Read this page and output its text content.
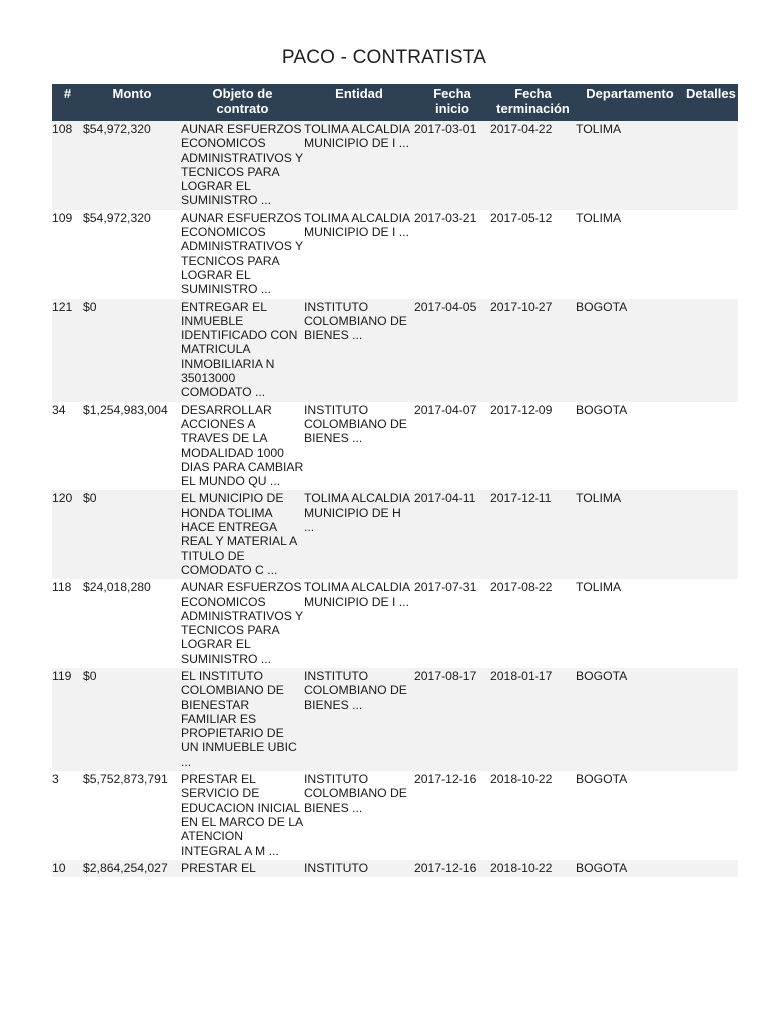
PACO - CONTRATISTA
#	Monto	Objeto de contrato	Entidad	Fecha inicio	Fecha terminación	Departamento	Detalles
108	$54,972,320	AUNAR ESFUERZOS ECONOMICOS ADMINISTRATIVOS Y TECNICOS PARA LOGRAR EL SUMINISTRO ...	TOLIMA ALCALDIA MUNICIPIO DE I ...	2017-03-01	2017-04-22	TOLIMA	
109	$54,972,320	AUNAR ESFUERZOS ECONOMICOS ADMINISTRATIVOS Y TECNICOS PARA LOGRAR EL SUMINISTRO ...	TOLIMA ALCALDIA MUNICIPIO DE I ...	2017-03-21	2017-05-12	TOLIMA	
121	$0	ENTREGAR EL INMUEBLE IDENTIFICADO CON MATRICULA INMOBILIARIA N 35013000 COMODATO ...	INSTITUTO COLOMBIANO DE BIENES ...	2017-04-05	2017-10-27	BOGOTA	
34	$1,254,983,004	DESARROLLAR ACCIONES A TRAVES DE LA MODALIDAD 1000 DIAS PARA CAMBIAR EL MUNDO QU ...	INSTITUTO COLOMBIANO DE BIENES ...	2017-04-07	2017-12-09	BOGOTA	
120	$0	EL MUNICIPIO DE HONDA TOLIMA HACE ENTREGA REAL Y MATERIAL A TITULO DE COMODATO C ...	TOLIMA ALCALDIA MUNICIPIO DE H ...	2017-04-11	2017-12-11	TOLIMA	
118	$24,018,280	AUNAR ESFUERZOS ECONOMICOS ADMINISTRATIVOS Y TECNICOS PARA LOGRAR EL SUMINISTRO ...	TOLIMA ALCALDIA MUNICIPIO DE I ...	2017-07-31	2017-08-22	TOLIMA	
119	$0	EL INSTITUTO COLOMBIANO DE BIENESTAR FAMILIAR ES PROPIETARIO DE UN INMUEBLE UBIC ...	INSTITUTO COLOMBIANO DE BIENES ...	2017-08-17	2018-01-17	BOGOTA	
3	$5,752,873,791	PRESTAR EL SERVICIO DE EDUCACION INICIAL EN EL MARCO DE LA ATENCION INTEGRAL A M ...	INSTITUTO COLOMBIANO DE BIENES ...	2017-12-16	2018-10-22	BOGOTA	
10	$2,864,254,027	PRESTAR EL	INSTITUTO	2017-12-16	2018-10-22	BOGOTA	
